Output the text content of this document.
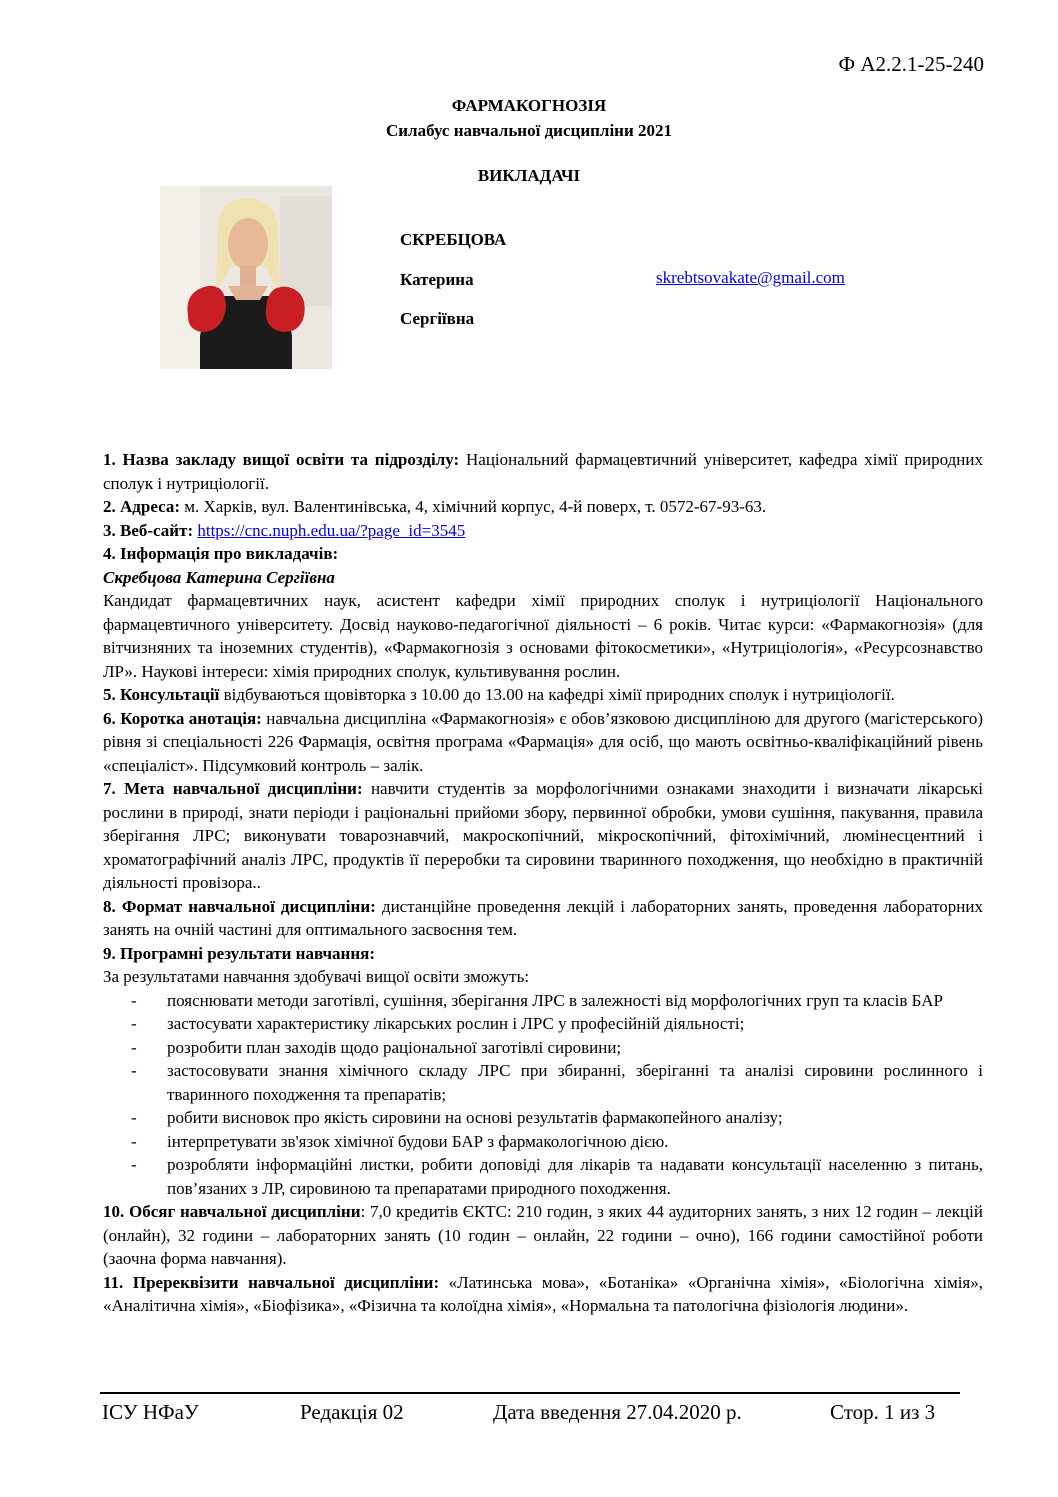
Ф А2.2.1-25-240
ФАРМАКОГНОЗІЯ
Силабус навчальної дисципліни 2021
ВИКЛАДАЧІ
СКРЕБЦОВА
Катерина
Сергіївна
skrebtsovakate@gmail.com

1. Назва закладу вищої освіти та підрозділу: Національний фармацевтичний університет, кафедра хімії природних сполук і нутриціології.

2. Адреса: м. Харків, вул. Валентинівська, 4, хімічний корпус, 4-й поверх, т. 0572-67-93-63.

3. Веб-сайт: https://cnc.nuph.edu.ua/?page_id=3545

4. Інформація про викладачів:

Скребцова Катерина Сергіївна

Кандидат фармацевтичних наук, асистент кафедри хімії природних сполук і нутриціології Національного фармацевтичного університету. Досвід науково-педагогічної діяльності – 6 років. Читає курси: «Фармакогнозія» (для вітчизняних та іноземних студентів), «Фармакогнозія з основами фітокосметики», «Нутриціологія», «Ресурсознавство ЛР». Наукові інтереси: хімія природних сполук, культивування рослин.

5. Консультації відбуваються щовівторка з 10.00 до 13.00 на кафедрі хімії природних сполук і нутриціології.

6. Коротка анотація: навчальна дисципліна «Фармакогнозія» є обов’язковою дисципліною для другого (магістерського) рівня зі спеціальності 226 Фармація, освітня програма «Фармація» для осіб, що мають освітньо-кваліфікаційний рівень «спеціаліст». Підсумковий контроль – залік.

7. Мета навчальної дисципліни: навчити студентів за морфологічними ознаками знаходити і визначати лікарські рослини в природі, знати періоди і раціональні прийоми збору, первинної обробки, умови сушіння, пакування, правила зберігання ЛРС; виконувати товарознавчий, макроскопічний, мікроскопічний, фітохімічний, люмінесцентний і хроматографічний аналіз ЛРС, продуктів її переробки та сировини тваринного походження, що необхідно в практичній діяльності провізора..

8. Формат навчальної дисципліни: дистанційне проведення лекцій і лабораторних занять, проведення лабораторних занять на очній частині для оптимального засвоєння тем.

9. Програмні результати навчання:

За результатами навчання здобувачі вищої освіти зможуть:

- пояснювати методи заготівлі, сушіння, зберігання ЛРС в залежності від морфологічних груп та класів БАР
- застосувати характеристику лікарських рослин і ЛРС у професійній діяльності;
- розробити план заходів щодо раціональної заготівлі сировини;
- застосовувати знання хімічного складу ЛРС при збиранні, зберіганні та аналізі сировини рослинного і тваринного походження та препаратів;
- робити висновок про якість сировини на основі результатів фармакопейного аналізу;
- інтерпретувати зв'язок хімічної будови БАР з фармакологічною дією.
- розробляти інформаційні листки, робити доповіді для лікарів та надавати консультації населенню з питань, пов’язаних з ЛР, сировиною та препаратами природного походження.

10. Обсяг навчальної дисципліни: 7,0 кредитів ЄКТС: 210 годин, з яких 44 аудиторних занять, з них 12 годин – лекцій (онлайн), 32 години – лабораторних занять (10 годин – онлайн, 22 години – очно), 166 години самостійної роботи (заочна форма навчання).

11. Пререквізити навчальної дисципліни: «Латинська мова», «Ботаніка» «Органічна хімія», «Біологічна хімія», «Аналітична хімія», «Біофізика», «Фізична та колоїдна хімія», «Нормальна та патологічна фізіологія людини».

ІСУ НФаУ	Редакція 02	Дата введення 27.04.2020 р.	Стор. 1 из 3
